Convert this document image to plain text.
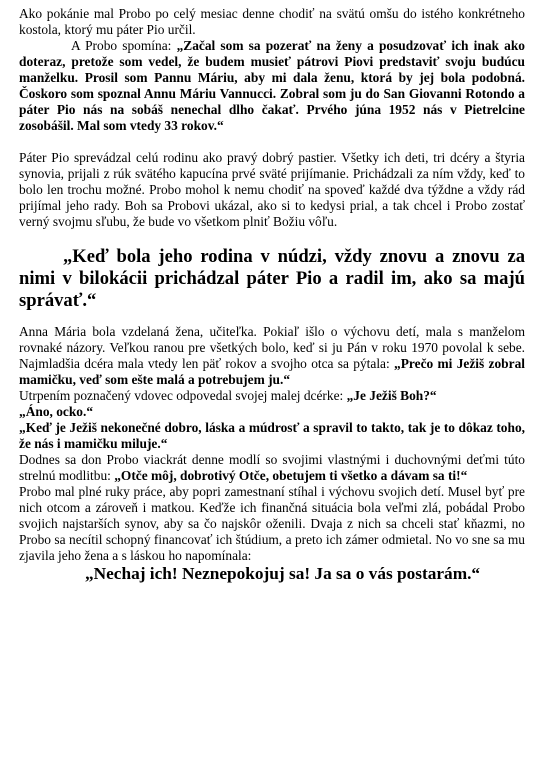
Ako pokánie mal Probo po celý mesiac denne chodiť na svätú omšu do istého konkrétneho kostola, ktorý mu páter Pio určil.

A Probo spomína: „Začal som sa pozerať na ženy a posudzovať ich inak ako doteraz, pretože som vedel, že budem musieť pátrovi Piovi predstaviť svoju budúcu manželku. Prosil som Pannu Máriu, aby mi dala ženu, ktorá by jej bola podobná. Čoskoro som spoznal Annu Máriu Vannucci. Zobral som ju do San Giovanni Rotondo a páter Pio nás na sobáš nenechal dlho čakať. Prvého júna 1952 nás v Pietrelcine zosobášil. Mal som vtedy 33 rokov.“

Páter Pio sprevádzal celú rodinu ako pravý dobrý pastier. Všetky ich deti, tri dcéry a štyria synovia, prijali z rúk svätého kapucína prvé sväté prijímanie. Prichádzali za ním vždy, keď to bolo len trochu možné. Probo mohol k nemu chodiť na spoveď každé dva týždne a vždy rád prijímal jeho rady. Boh sa Probovi ukázal, ako si to kedysi prial, a tak chcel i Probo zostať verný svojmu sľubu, že bude vo všetkom plniť Božiu vôľu.

„Keď bola jeho rodina v núdzi, vždy znovu a znovu za nimi v bilokácii prichádzal páter Pio a radil im, ako sa majú správať.“

Anna Mária bola vzdelaná žena, učiteľka. Pokiaľ išlo o výchovu detí, mala s manželom rovnaké názory. Veľkou ranou pre všetkých bolo, keď si ju Pán v roku 1970 povolal k sebe. Najmladšia dcéra mala vtedy len päť rokov a svojho otca sa pýtala: „Prečo mi Ježiš zobral mamičku, veď som ešte malá a potrebujem ju.“

Utrpením poznačený vdovec odpovedal svojej malej dcérke: „Je Ježiš Boh?“

„Áno, ocko.“

„Keď je Ježiš nekonečné dobro, láska a múdrosť a spravil to takto, tak je to dôkaz toho, že nás i mamičku miluje.“

Dodnes sa don Probo viackrát denne modlí so svojimi vlastnými i duchovnými deťmi túto strelnú modlitbu: „Otče môj, dobrotivý Otče, obetujem ti všetko a dávam sa ti!“

Probo mal plné ruky práce, aby popri zamestnaní stíhal i výchovu svojich detí. Musel byť pre nich otcom a zároveň i matkou. Keďže ich finančná situácia bola veľmi zlá, pobádal Probo svojich najstarších synov, aby sa čo najskôr oženili. Dvaja z nich sa chceli stať kňazmi, no Probo sa necítil schopný financovať ich štúdium, a preto ich zámer odmietal. No vo sne sa mu zjavila jeho žena a s láskou ho napomínala:

„Nechaj ich! Neznepokojuj sa! Ja sa o vás postarám.“
